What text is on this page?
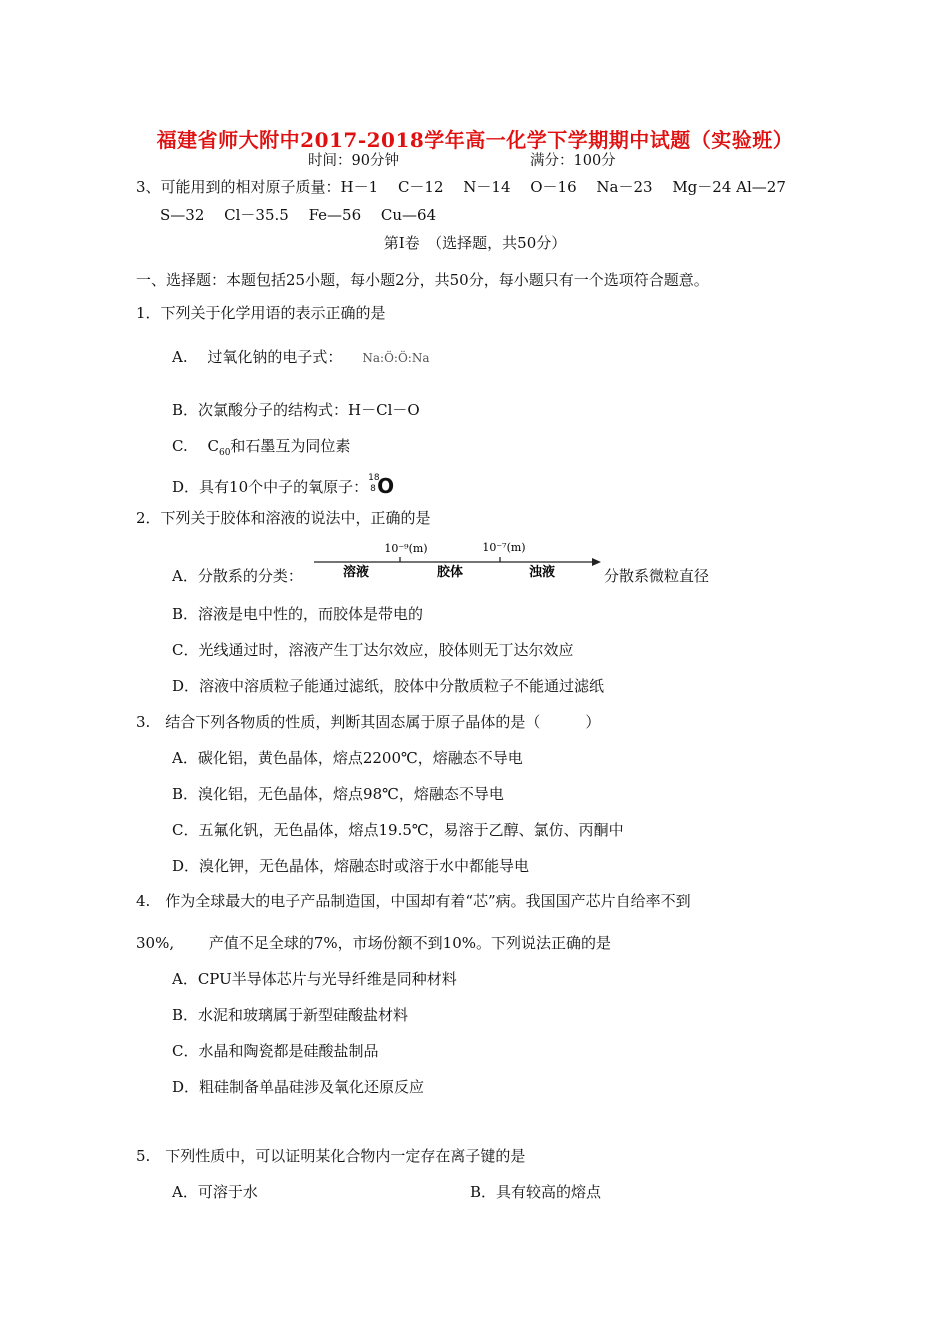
福建省师大附中2017-2018学年高一化学下学期期中试题（实验班）
时间：90分钟	满分：100分
3、可能用到的相对原子质量：H－1　 C－12　 N－14　 O－16　 Na－23　 Mg－24 Al—27
S—32　 Cl－35.5　 Fe—56　 Cu—64
第Ⅰ卷　（选择题，共50分）
一、选择题：本题包括25小题，每小题2分，共50分，每小题只有一个选项符合题意。
1．下列关于化学用语的表示正确的是
A.　 过氧化钠的电子式： Na:Ö:Ö:Na
B．次氯酸分子的结构式：H－Cl－O
C.　 $C_{60}$和石墨互为同位素
D．具有10个中子的氧原子： 18
8 O
2．下列关于胶体和溶液的说法中，正确的是
A．分散系的分类：
10⁻⁹(m)	10⁻⁷(m)
溶液	胶体	浊液	分散系微粒直径
B．溶液是电中性的，而胶体是带电的
C．光线通过时，溶液产生丁达尔效应，胶体则无丁达尔效应
D．溶液中溶质粒子能通过滤纸，胶体中分散质粒子不能通过滤纸
3.　结合下列各物质的性质，判断其固态属于原子晶体的是（　　　）
A．碳化铝，黄色晶体，熔点2200℃，熔融态不导电
B．溴化铝，无色晶体，熔点98℃，熔融态不导电
C．五氟化钒，无色晶体，熔点19.5℃，易溶于乙醇、氯仿、丙酮中
D．溴化钾，无色晶体，熔融态时或溶于水中都能导电
4.　作为全球最大的电子产品制造国，中国却有着“芯”病。我国国产芯片自给率不到
30%,　　 产值不足全球的7%，市场份额不到10%。下列说法正确的是
A．CPU半导体芯片与光导纤维是同种材料
B．水泥和玻璃属于新型硅酸盐材料
C．水晶和陶瓷都是硅酸盐制品
D．粗硅制备单晶硅涉及氧化还原反应
5.　下列性质中，可以证明某化合物内一定存在离子键的是
A．可溶于水	B．具有较高的熔点
